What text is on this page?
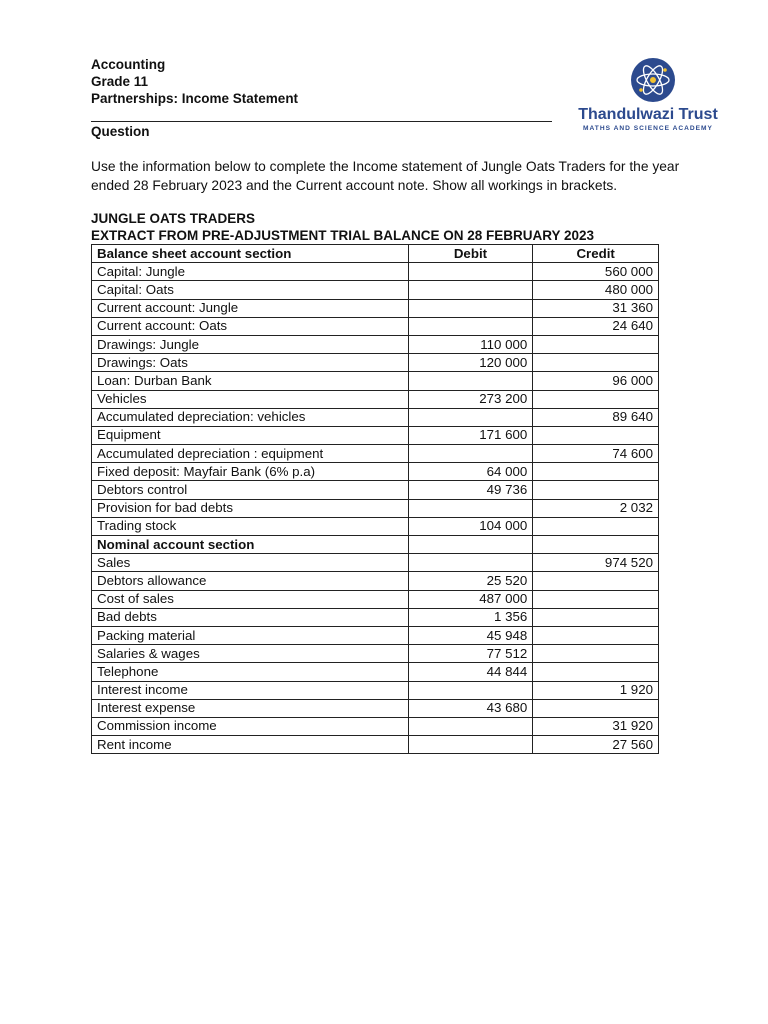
Accounting
Grade 11
Partnerships: Income Statement
Question
Thandulwazi Trust
MATHS AND SCIENCE ACADEMY
Use the information below to complete the Income statement of Jungle Oats Traders for the year ended 28 February 2023 and the Current account note. Show all workings in brackets.
JUNGLE OATS TRADERS
EXTRACT FROM PRE-ADJUSTMENT TRIAL BALANCE ON 28 FEBRUARY 2023
Balance sheet account section	Debit	Credit
Capital: Jungle		560 000
Capital: Oats		480 000
Current account: Jungle		31 360
Current account: Oats		24 640
Drawings: Jungle	110 000	
Drawings: Oats	120 000	
Loan: Durban Bank		96 000
Vehicles	273 200	
Accumulated depreciation: vehicles		89 640
Equipment	171 600	
Accumulated depreciation : equipment		74 600
Fixed deposit: Mayfair Bank (6% p.a)	64 000	
Debtors control	49 736	
Provision for bad debts		2 032
Trading stock	104 000	
Nominal account section		
Sales		974 520
Debtors allowance	25 520	
Cost of sales	487 000	
Bad debts	1 356	
Packing material	45 948	
Salaries & wages	77 512	
Telephone	44 844	
Interest income		1 920
Interest expense	43 680	
Commission income		31 920
Rent income		27 560
